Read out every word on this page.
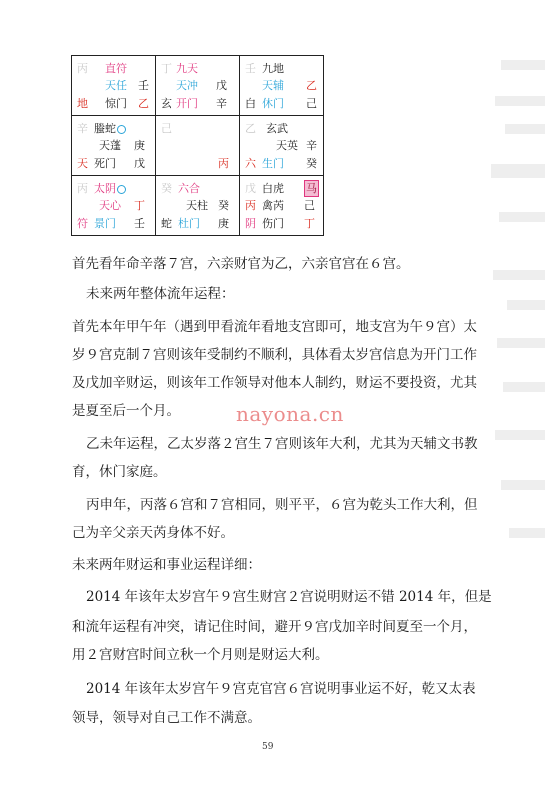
丙 直符
天任 壬
地 惊门 乙
丁 九天
天冲 戊
玄 开门 辛
壬 九地
天辅 乙
白 休门 己
辛 螣蛇
天蓬 庚
天 死门 戊
己
丙
乙 玄武
天英 辛
六 生门 癸
丙 太阴
天心 丁
符 景门 壬
癸 六合
天柱 癸
蛇 杜门 庚
戊 白虎 马
丙 禽芮 己
阴 伤门 丁
首先看年命辛落７宫，六亲财官为乙，六亲官宫在６宫。
未来两年整体流年运程：
首先本年甲午年（遇到甲看流年看地支宫即可，地支宫为午９宫）太
岁９宫克制７宫则该年受制约不顺利，具体看太岁宫信息为开门工作
及戊加辛财运，则该年工作领导对他本人制约，财运不要投资，尤其
是夏至后一个月。
乙未年运程，乙太岁落２宫生７宫则该年大利，尤其为天辅文书教
育，休门家庭。
丙申年，丙落６宫和７宫相同，则平平，６宫为乾头工作大利，但
己为辛父亲天芮身体不好。
未来两年财运和事业运程详细：
2014 年该年太岁宫午９宫生财宫２宫说明财运不错 2014 年，但是
和流年运程有冲突，请记住时间，避开９宫戊加辛时间夏至一个月，
用２宫财宫时间立秋一个月则是财运大利。
2014 年该年太岁宫午９宫克官宫６宫说明事业运不好，乾又太表
领导，领导对自己工作不满意。
nayona.cn
59
